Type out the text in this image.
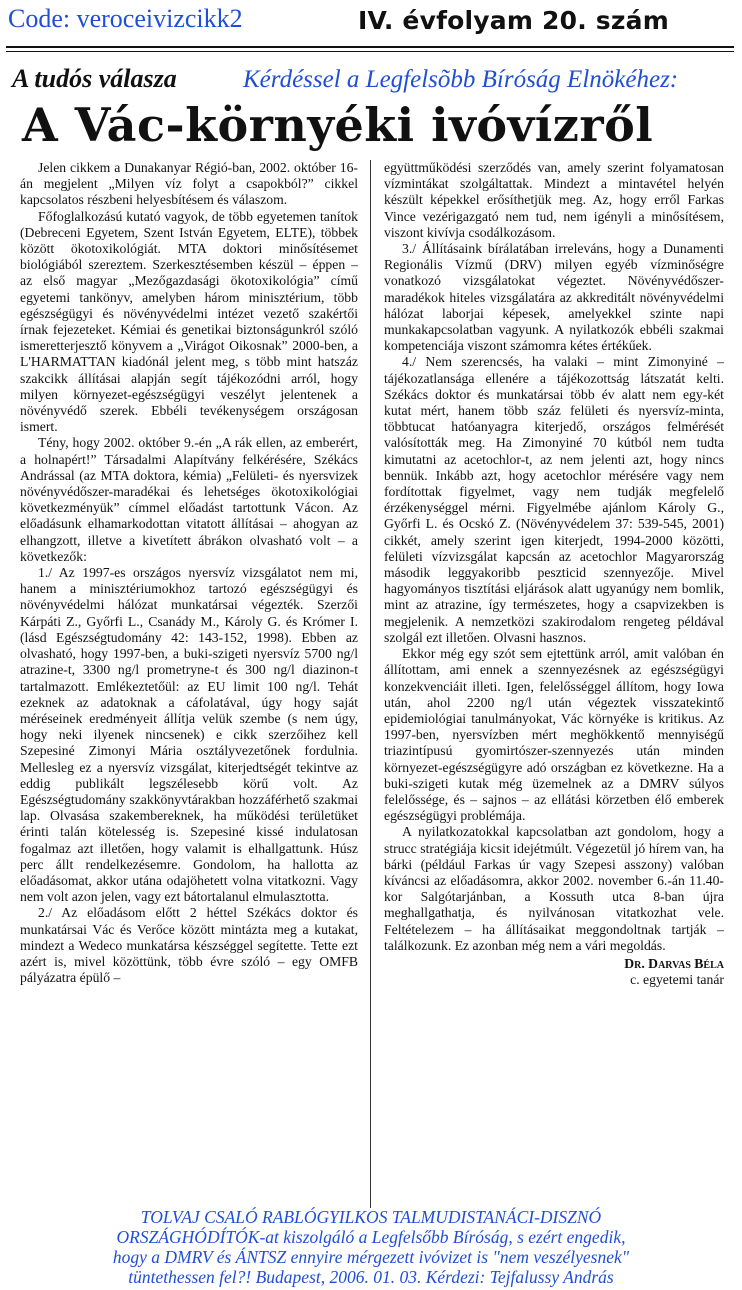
Code: veroceivizcikk2	IV. évfolyam 20. szám
A tudós válasza	Kérdéssel a Legfelsõbb Bíróság Elnökéhez:
A Vác-környéki ivóvízről

Jelen cikkem a Dunakanyar Régió-ban, 2002. október 16-án megjelent „Milyen víz folyt a csapokból?” cikkel kapcsolatos részbeni helyesbítésem és válaszom.

Főfoglalkozású kutató vagyok, de több egyetemen tanítok (Debreceni Egyetem, Szent István Egyetem, ELTE), többek között ökotoxikológiát. MTA doktori minősítésemet biológiából szereztem. Szerkesztésemben készül – éppen – az első magyar „Mezőgazdasági ökotoxikológia” című egyetemi tankönyv, amelyben három minisztérium, több egészségügyi és növényvédelmi intézet vezető szakértői írnak fejezeteket. Kémiai és genetikai biztonságunkról szóló ismeretterjesztő könyvem a „Virágot Oikosnak” 2000-ben, a L'HARMATTAN kiadónál jelent meg, s több mint hatszáz szakcikk állításai alapján segít tájékozódni arról, hogy milyen környezet-egészségügyi veszélyt jelentenek a növényvédő szerek. Ebbéli tevékenységem országosan ismert.

Tény, hogy 2002. október 9.-én „A rák ellen, az emberért, a holnapért!” Társadalmi Alapítvány felkérésére, Székács Andrással (az MTA doktora, kémia) „Felületi- és nyersvizek növényvédőszer-maradékai és lehetséges ökotoxikológiai következményük” címmel előadást tartottunk Vácon. Az előadásunk elhamarkodottan vitatott állításai – ahogyan az elhangzott, illetve a kivetített ábrákon olvasható volt – a következők:

1./ Az 1997-es országos nyersvíz vizsgálatot nem mi, hanem a minisztériumokhoz tartozó egészségügyi és növényvédelmi hálózat munkatársai végezték. Szerzői Kárpáti Z., Győrfi L., Csanády M., Károly G. és Krómer I. (lásd Egészségtudomány 42: 143-152, 1998). Ebben az olvasható, hogy 1997-ben, a buki-szigeti nyersvíz 5700 ng/l atrazine-t, 3300 ng/l prometryne-t és 300 ng/l diazinon-t tartalmazott. Emlékeztetőül: az EU limit 100 ng/l. Tehát ezeknek az adatoknak a cáfolatával, úgy hogy saját méréseinek eredményeit állítja velük szembe (s nem úgy, hogy neki ilyenek nincsenek) e cikk szerzőihez kell Szepesiné Zimonyi Mária osztályvezetőnek fordulnia. Mellesleg ez a nyersvíz vizsgálat, kiterjedtségét tekintve az eddig publikált legszélesebb körű volt. Az Egészségtudomány szakkönyvtárakban hozzáférhető szakmai lap. Olvasása szakembereknek, ha működési területüket érinti talán kötelesség is. Szepesiné kissé indulatosan fogalmaz azt illetően, hogy valamit is elhallgattunk. Húsz perc állt rendelkezésemre. Gondolom, ha hallotta az előadásomat, akkor utána odajöhetett volna vitatkozni. Vagy nem volt azon jelen, vagy ezt bátortalanul elmulasztotta.

2./ Az előadásom előtt 2 héttel Székács doktor és munkatársai Vác és Verőce között mintázta meg a kutakat, mindezt a Wedeco munkatársa készséggel segítette. Tette ezt azért is, mivel közöttünk, több évre szóló – egy OMFB pályázatra épülő –

együttműködési szerződés van, amely szerint folyamatosan vízmintákat szolgáltattak. Mindezt a mintavétel helyén készült képekkel erősíthetjük meg. Az, hogy erről Farkas Vince vezérigazgató nem tud, nem igényli a minősítésem, viszont kivívja csodálkozásom.

3./ Állításaink bírálatában irreleváns, hogy a Dunamenti Regionális Vízmű (DRV) milyen egyéb vízminőségre vonatkozó vizsgálatokat végeztet. Növényvédőszer-maradékok hiteles vizsgálatára az akkreditált növényvédelmi hálózat laborjai képesek, amelyekkel szinte napi munkakapcsolatban vagyunk. A nyilatkozók ebbéli szakmai kompetenciája viszont számomra kétes értékűek.

4./ Nem szerencsés, ha valaki – mint Zimonyiné – tájékozatlansága ellenére a tájékozottság látszatát kelti. Székács doktor és munkatársai több év alatt nem egy-két kutat mért, hanem több száz felületi és nyersvíz-minta, többtucat hatóanyagra kiterjedő, országos felmérését valósították meg. Ha Zimonyiné 70 kútból nem tudta kimutatni az acetochlor-t, az nem jelenti azt, hogy nincs bennük. Inkább azt, hogy acetochlor mérésére vagy nem fordítottak figyelmet, vagy nem tudják megfelelő érzékenységgel mérni. Figyelmébe ajánlom Károly G., Győrfi L. és Ocskó Z. (Növényvédelem 37: 539-545, 2001) cikkét, amely szerint igen kiterjedt, 1994-2000 közötti, felületi vízvizsgálat kapcsán az acetochlor Magyarország második leggyakoribb peszticid szennyezője. Mivel hagyományos tisztítási eljárások alatt ugyanúgy nem bomlik, mint az atrazine, így természetes, hogy a csapvizekben is megjelenik. A nemzetközi szakirodalom rengeteg példával szolgál ezt illetően. Olvasni hasznos.

Ekkor még egy szót sem ejtettünk arról, amit valóban én állítottam, ami ennek a szennyezésnek az egészségügyi konzekvenciáit illeti. Igen, felelősséggel állítom, hogy Iowa után, ahol 2200 ng/l után végeztek visszatekintő epidemiológiai tanulmányokat, Vác környéke is kritikus. Az 1997-ben, nyersvízben mért meghökkentő mennyiségű triazintípusú gyomirtószer-szennyezés után minden környezet-egészségügyre adó országban ez következne. Ha a buki-szigeti kutak még üzemelnek az a DMRV súlyos felelőssége, és – sajnos – az ellátási körzetben élő emberek egészségügyi problémája.

A nyilatkozatokkal kapcsolatban azt gondolom, hogy a strucc stratégiája kicsit idejétmúlt. Végezetül jó hírem van, ha bárki (például Farkas úr vagy Szepesi asszony) valóban kíváncsi az előadásomra, akkor 2002. november 6.-án 11.40-kor Salgótarjánban, a Kossuth utca 8-ban újra meghallgathatja, és nyilvánosan vitatkozhat vele. Feltételezem – ha állításaikat meggondoltnak tartják – találkozunk. Ez azonban még nem a vári megoldás.

Dr. Darvas Béla
c. egyetemi tanár
TOLVAJ CSALÓ RABLÓGYILKOS TALMUDISTANÁCI-DISZNÓ
ORSZÁGHÓDÍTÓK-at kiszolgáló a Legfelsőbb Bíróság, s ezért engedik,
hogy a DMRV és ÁNTSZ ennyire mérgezett ivóvizet is "nem veszélyesnek"
tüntethessen fel?! Budapest, 2006. 01. 03. Kérdezi: Tejfalussy András
